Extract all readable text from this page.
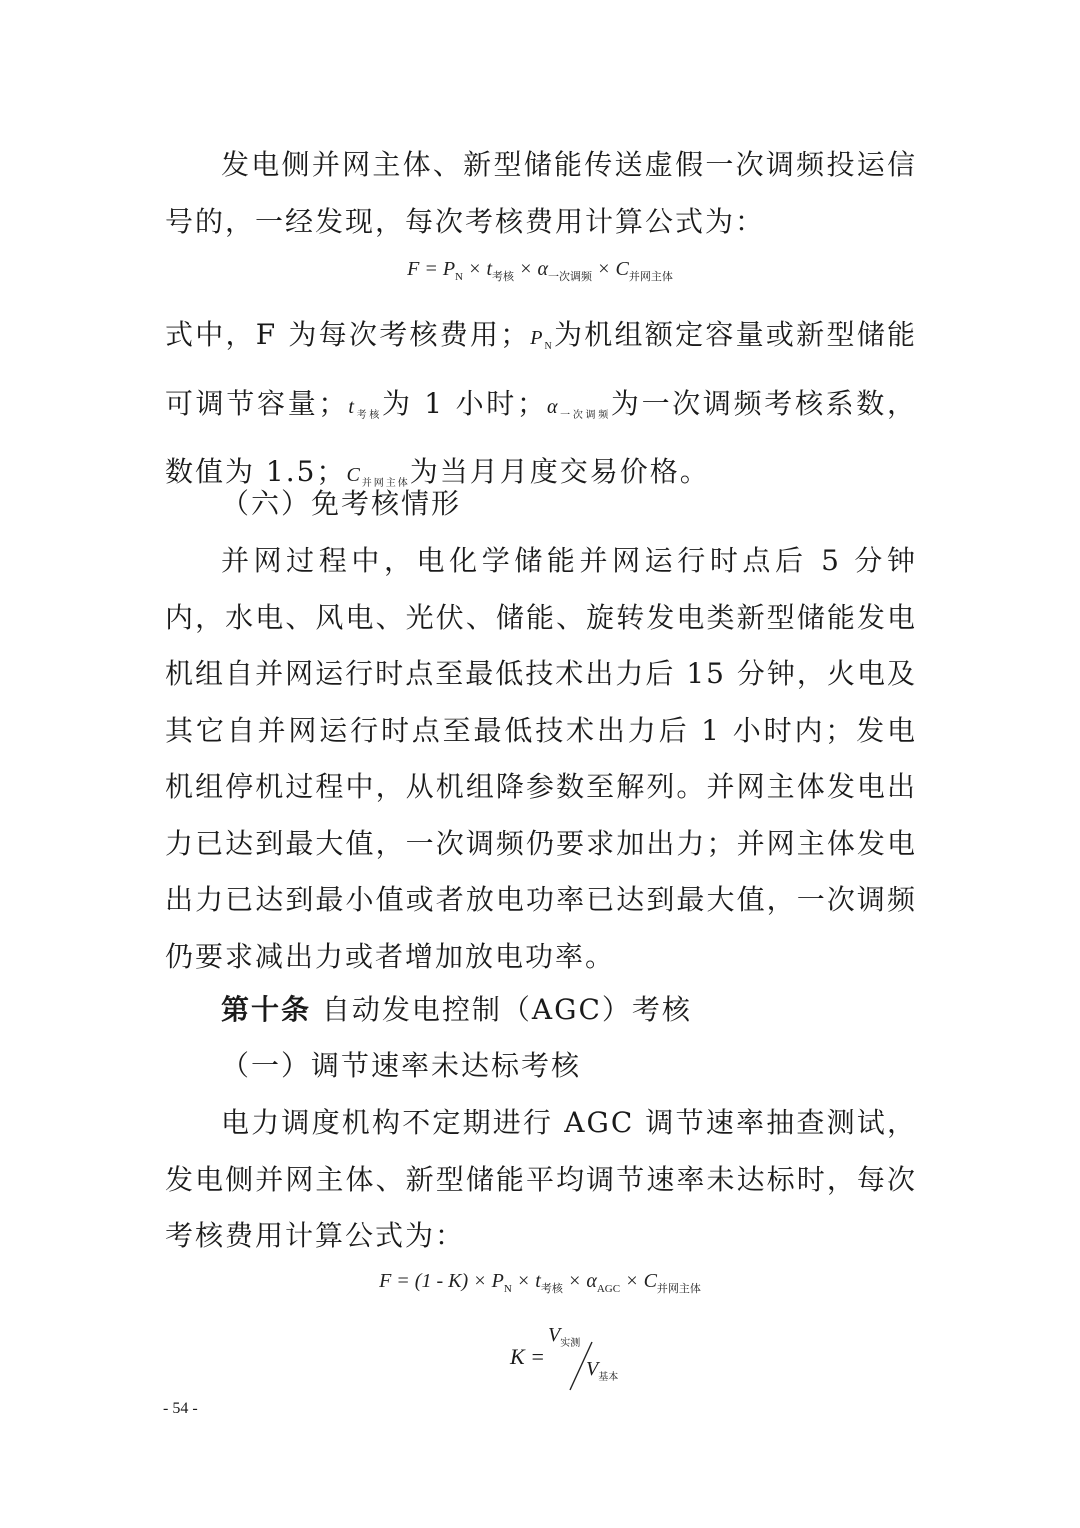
发电侧并网主体、新型储能传送虚假一次调频投运信号的，一经发现，每次考核费用计算公式为：

$F = P_N \times t_{考核} \times \alpha_{一次调频} \times C_{并网主体}$

式中，F 为每次考核费用；$P_N$为机组额定容量或新型储能可调节容量；$t_{考核}$为 1 小时；$\alpha_{一次调频}$为一次调频考核系数，数值为 1.5；$C_{并网主体}$为当月月度交易价格。

（六）免考核情形

并网过程中，电化学储能并网运行时点后 5 分钟内，水电、风电、光伏、储能、旋转发电类新型储能发电机组自并网运行时点至最低技术出力后 15 分钟，火电及其它自并网运行时点至最低技术出力后 1 小时内；发电机组停机过程中，从机组降参数至解列。并网主体发电出力已达到最大值，一次调频仍要求加出力；并网主体发电出力已达到最小值或者放电功率已达到最大值，一次调频仍要求减出力或者增加放电功率。

第十条 自动发电控制（AGC）考核

（一）调节速率未达标考核

电力调度机构不定期进行 AGC 调节速率抽查测试，发电侧并网主体、新型储能平均调节速率未达标时，每次考核费用计算公式为：

$F = (1 - K) \times P_N \times t_{考核} \times \alpha_{AGC} \times C_{并网主体}$
K =
$V_{实测}$
$V_{基本}$
- 54 -
